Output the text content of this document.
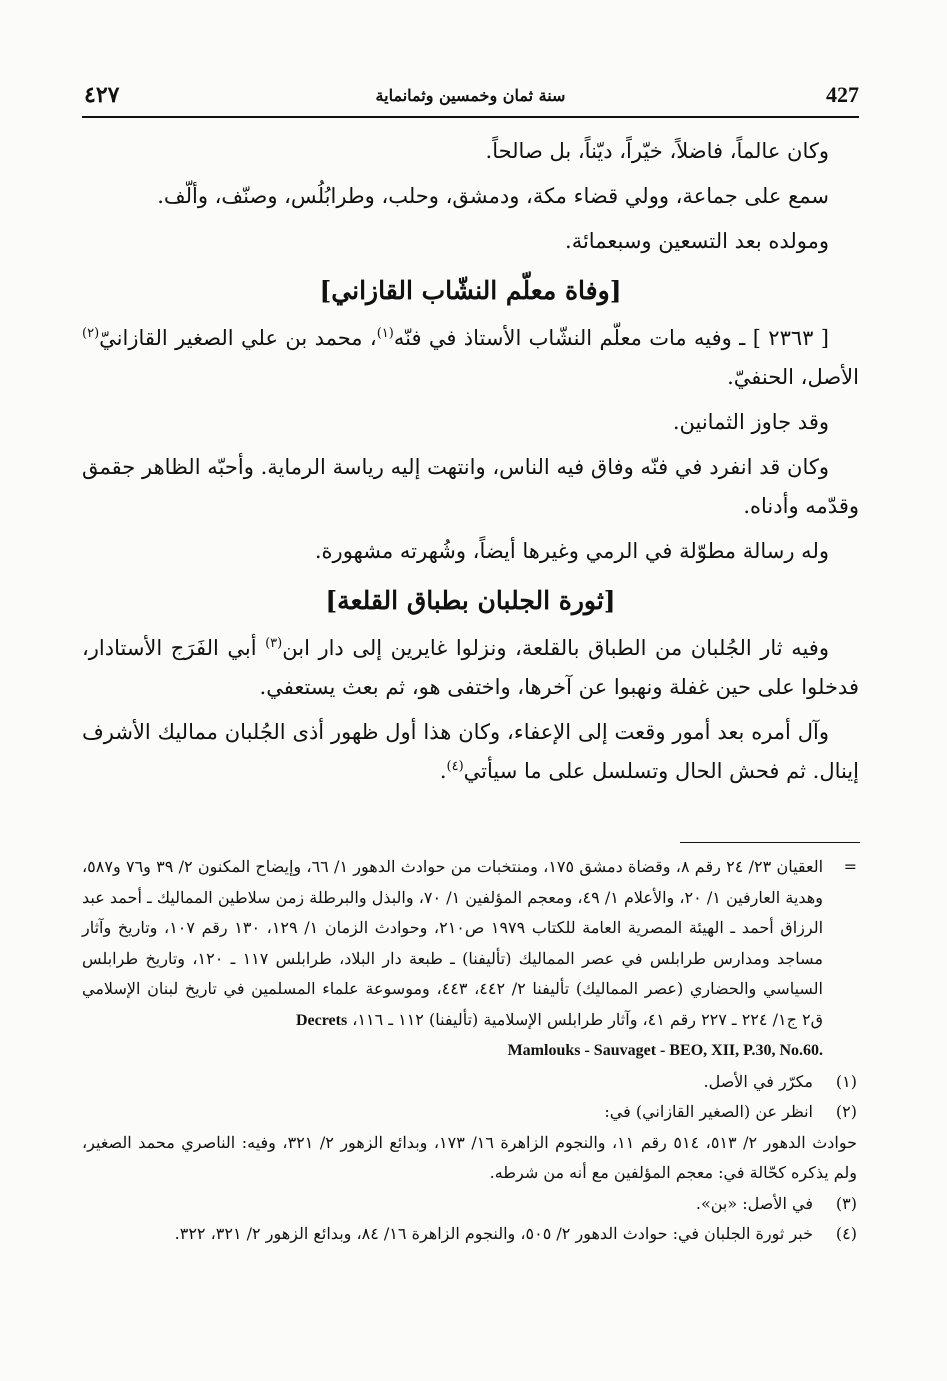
٤٢٧	سنة ثمان وخمسين وثمانماية	427

وكان عالماً، فاضلاً، خيّراً، ديّناً، بل صالحاً.

سمع على جماعة، وولي قضاء مكة، ودمشق، وحلب، وطرابُلُس، وصنّف، وألّف.

ومولده بعد التسعين وسبعمائة.

[وفاة معلّم النشّاب القازاني]

[ ٢٣٦٣ ] ـ وفيه مات معلّم النشّاب الأستاذ في فنّه$^{(١)}$، محمد بن علي الصغير القازانيّ$^{(٢)}$ الأصل، الحنفيّ.

وقد جاوز الثمانين.

وكان قد انفرد في فنّه وفاق فيه الناس، وانتهت إليه رياسة الرماية. وأحبّه الظاهر جقمق وقدّمه وأدناه.

وله رسالة مطوّلة في الرمي وغيرها أيضاً، وشُهرته مشهورة.

[ثورة الجلبان بطباق القلعة]

وفيه ثار الجُلبان من الطباق بالقلعة، ونزلوا غايرين إلى دار ابن$^{(٣)}$ أبي الفَرَج الأستادار، فدخلوا على حين غفلة ونهبوا عن آخرها، واختفى هو، ثم بعث يستعفي.

وآل أمره بعد أمور وقعت إلى الإعفاء، وكان هذا أول ظهور أذى الجُلبان مماليك الأشرف إينال. ثم فحش الحال وتسلسل على ما سيأتي$^{(٤)}$.

=
العقيان ٢٣/ ٢٤ رقم ٨، وقضاة دمشق ١٧٥، ومنتخبات من حوادث الدهور ١/ ٦٦، وإيضاح المكنون ٢/ ٣٩ و٧٦ و٥٨٧، وهدية العارفين ١/ ٢٠، والأعلام ١/ ٤٩، ومعجم المؤلفين ١/ ٧٠، والبذل والبرطلة زمن سلاطين المماليك ـ أحمد عبد الرزاق أحمد ـ الهيئة المصرية العامة للكتاب ١٩٧٩ ص٢١٠، وحوادث الزمان ١/ ١٢٩، ١٣٠ رقم ١٠٧، وتاريخ وآثار مساجد ومدارس طرابلس في عصر المماليك (تأليفنا) ـ طبعة دار البلاد، طرابلس ١١٧ ـ ١٢٠، وتاريخ طرابلس السياسي والحضاري (عصر المماليك) تأليفنا ٢/ ٤٤٢، ٤٤٣، وموسوعة علماء المسلمين في تاريخ لبنان الإسلامي ق٢ ج١/ ٢٢٤ ـ ٢٢٧ رقم ٤١، وآثار طرابلس الإسلامية (تأليفنا) ١١٢ ـ ١١٦، Decrets
Mamlouks - Sauvaget - BEO, XII, P.30, No.60.
(١)
مكرّر في الأصل.
(٢)
انظر عن (الصغير القازاني) في:
حوادث الدهور ٢/ ٥١٣، ٥١٤ رقم ١١، والنجوم الزاهرة ١٦/ ١٧٣، وبدائع الزهور ٢/ ٣٢١، وفيه: الناصري محمد الصغير، ولم يذكره كحّالة في: معجم المؤلفين مع أنه من شرطه.
(٣)
في الأصل: «بن».
(٤)
خبر ثورة الجلبان في: حوادث الدهور ٢/ ٥٠٥، والنجوم الزاهرة ١٦/ ٨٤، وبدائع الزهور ٢/ ٣٢١، ٣٢٢.
